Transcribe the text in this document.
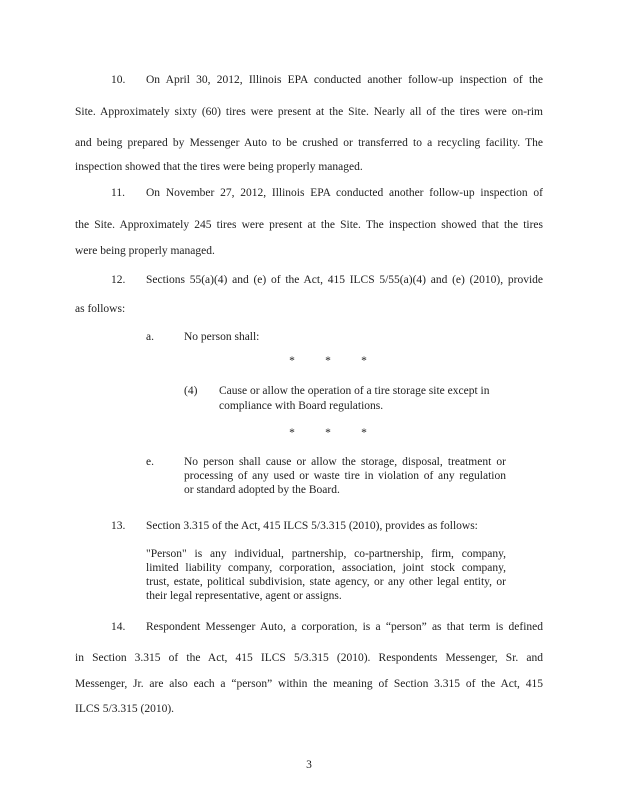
10. On April 30, 2012, Illinois EPA conducted another follow-up inspection of the
Site. Approximately sixty (60) tires were present at the Site. Nearly all of the tires were on-rim
and being prepared by Messenger Auto to be crushed or transferred to a recycling facility. The
inspection showed that the tires were being properly managed.
11. On November 27, 2012, Illinois EPA conducted another follow-up inspection of
the Site. Approximately 245 tires were present at the Site. The inspection showed that the tires
were being properly managed.
12. Sections 55(a)(4) and (e) of the Act, 415 ILCS 5/55(a)(4) and (e) (2010), provide
as follows:
a.	No person shall:
*	*	*
(4) Cause or allow the operation of a tire storage site except in
compliance with Board regulations.
*	*	*
e.	No person shall cause or allow the storage, disposal, treatment or
processing of any used or waste tire in violation of any regulation
or standard adopted by the Board.
13. Section 3.315 of the Act, 415 ILCS 5/3.315 (2010), provides as follows:
"Person" is any individual, partnership, co-partnership, firm, company,
limited liability company, corporation, association, joint stock company,
trust, estate, political subdivision, state agency, or any other legal entity, or
their legal representative, agent or assigns.
14. Respondent Messenger Auto, a corporation, is a “person” as that term is defined
in Section 3.315 of the Act, 415 ILCS 5/3.315 (2010). Respondents Messenger, Sr. and
Messenger, Jr. are also each a “person” within the meaning of Section 3.315 of the Act, 415
ILCS 5/3.315 (2010).
3
